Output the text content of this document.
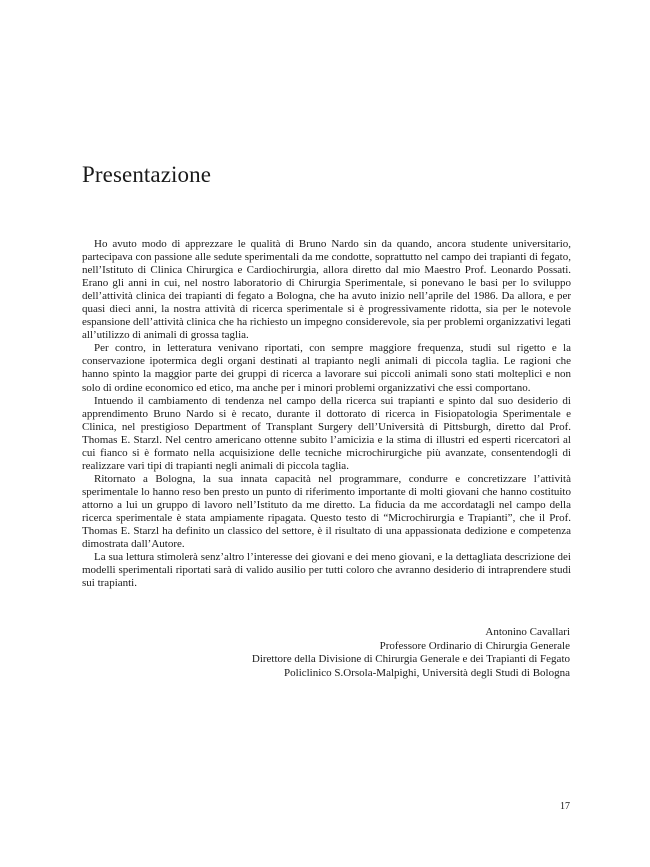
Presentazione

Ho avuto modo di apprezzare le qualità di Bruno Nardo sin da quando, ancora studente universitario, partecipava con passione alle sedute sperimentali da me condotte, soprattutto nel campo dei trapianti di fegato, nell’Istituto di Clinica Chirurgica e Cardiochirurgia, allora diretto dal mio Maestro Prof. Leonardo Possati. Erano gli anni in cui, nel nostro laboratorio di Chirurgia Sperimentale, si ponevano le basi per lo sviluppo dell’attività clinica dei trapianti di fegato a Bologna, che ha avuto inizio nell’aprile del 1986. Da allora, e per quasi dieci anni, la nostra attività di ricerca sperimentale si è progressivamente ridotta, sia per le notevole espansione dell’attività clinica che ha richiesto un impegno considerevole, sia per problemi organizzativi legati all’utilizzo di animali di grossa taglia.

Per contro, in letteratura venivano riportati, con sempre maggiore frequenza, studi sul rigetto e la conservazione ipotermica degli organi destinati al trapianto negli animali di piccola taglia. Le ragioni che hanno spinto la maggior parte dei gruppi di ricerca a lavorare sui piccoli animali sono stati molteplici e non solo di ordine economico ed etico, ma anche per i minori problemi organizzativi che essi comportano.

Intuendo il cambiamento di tendenza nel campo della ricerca sui trapianti e spinto dal suo desiderio di apprendimento Bruno Nardo si è recato, durante il dottorato di ricerca in Fisiopatologia Sperimentale e Clinica, nel prestigioso Department of Transplant Surgery dell’Università di Pittsburgh, diretto dal Prof. Thomas E. Starzl. Nel centro americano ottenne subito l’amicizia e la stima di illustri ed esperti ricercatori al cui fianco si è formato nella acquisizione delle tecniche microchirurgiche più avanzate, consentendogli di realizzare vari tipi di trapianti negli animali di piccola taglia.

Ritornato a Bologna, la sua innata capacità nel programmare, condurre e concretizzare l’attività sperimentale lo hanno reso ben presto un punto di riferimento importante di molti giovani che hanno costituito attorno a lui un gruppo di lavoro nell’Istituto da me diretto. La fiducia da me accordatagli nel campo della ricerca sperimentale è stata ampiamente ripagata. Questo testo di “Microchirurgia e Trapianti”, che il Prof. Thomas E. Starzl ha definito un classico del settore, è il risultato di una appassionata dedizione e competenza dimostrata dall’Autore.

La sua lettura stimolerà senz’altro l’interesse dei giovani e dei meno giovani, e la dettagliata descrizione dei modelli sperimentali riportati sarà di valido ausilio per tutti coloro che avranno desiderio di intraprendere studi sui trapianti.

Antonino Cavallari
Professore Ordinario di Chirurgia Generale
Direttore della Divisione di Chirurgia Generale e dei Trapianti di Fegato
Policlinico S.Orsola-Malpighi, Università degli Studi di Bologna
17
